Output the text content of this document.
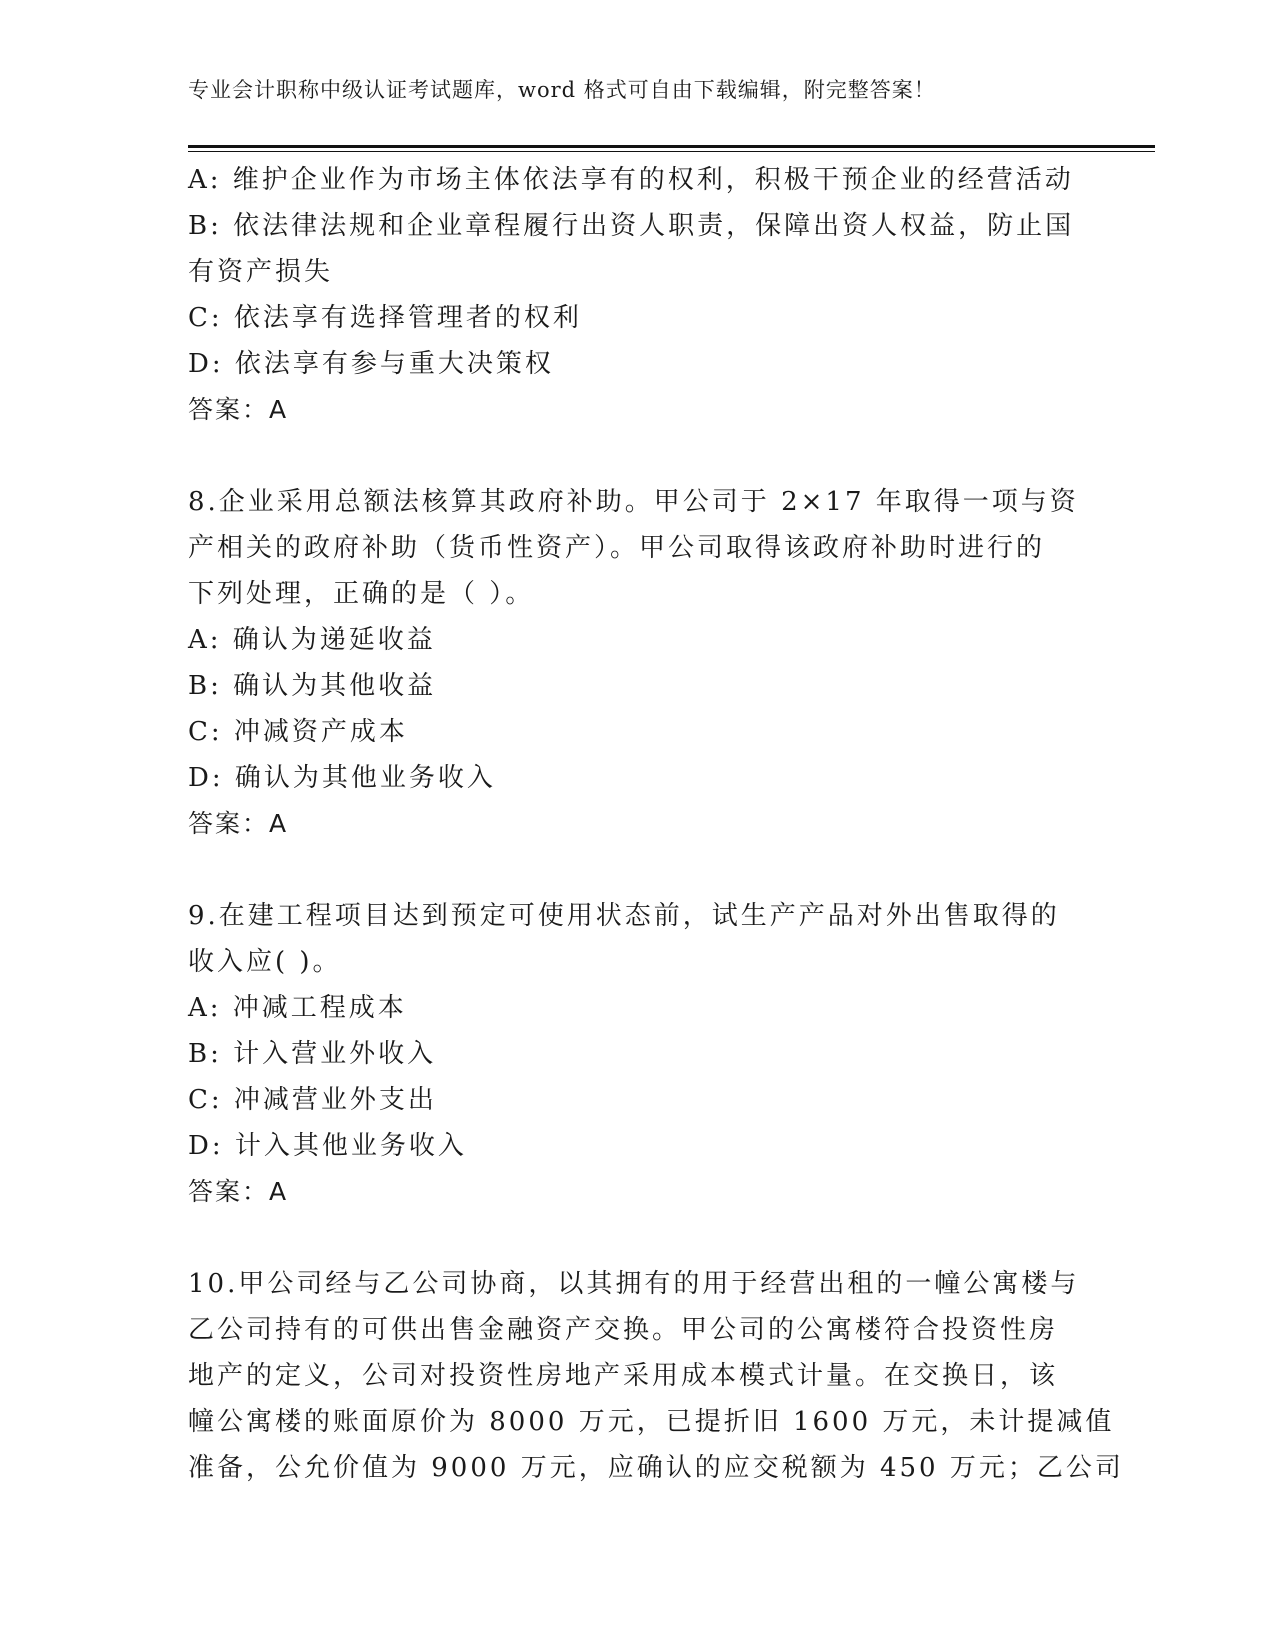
专业会计职称中级认证考试题库，word 格式可自由下载编辑，附完整答案！
A: 维护企业作为市场主体依法享有的权利，积极干预企业的经营活动
B: 依法律法规和企业章程履行出资人职责，保障出资人权益，防止国
有资产损失
C: 依法享有选择管理者的权利
D: 依法享有参与重大决策权
答案：A
8.企业采用总额法核算其政府补助。甲公司于 2×17 年取得一项与资
产相关的政府补助（货币性资产）。甲公司取得该政府补助时进行的
下列处理，正确的是（ ）。
A: 确认为递延收益
B: 确认为其他收益
C: 冲减资产成本
D: 确认为其他业务收入
答案：A
9.在建工程项目达到预定可使用状态前，试生产产品对外出售取得的
收入应( )。
A: 冲减工程成本
B: 计入营业外收入
C: 冲减营业外支出
D: 计入其他业务收入
答案：A
10.甲公司经与乙公司协商，以其拥有的用于经营出租的一幢公寓楼与
乙公司持有的可供出售金融资产交换。甲公司的公寓楼符合投资性房
地产的定义，公司对投资性房地产采用成本模式计量。在交换日，该
幢公寓楼的账面原价为 8000 万元，已提折旧 1600 万元，未计提减值
准备，公允价值为 9000 万元，应确认的应交税额为 450 万元；乙公司
